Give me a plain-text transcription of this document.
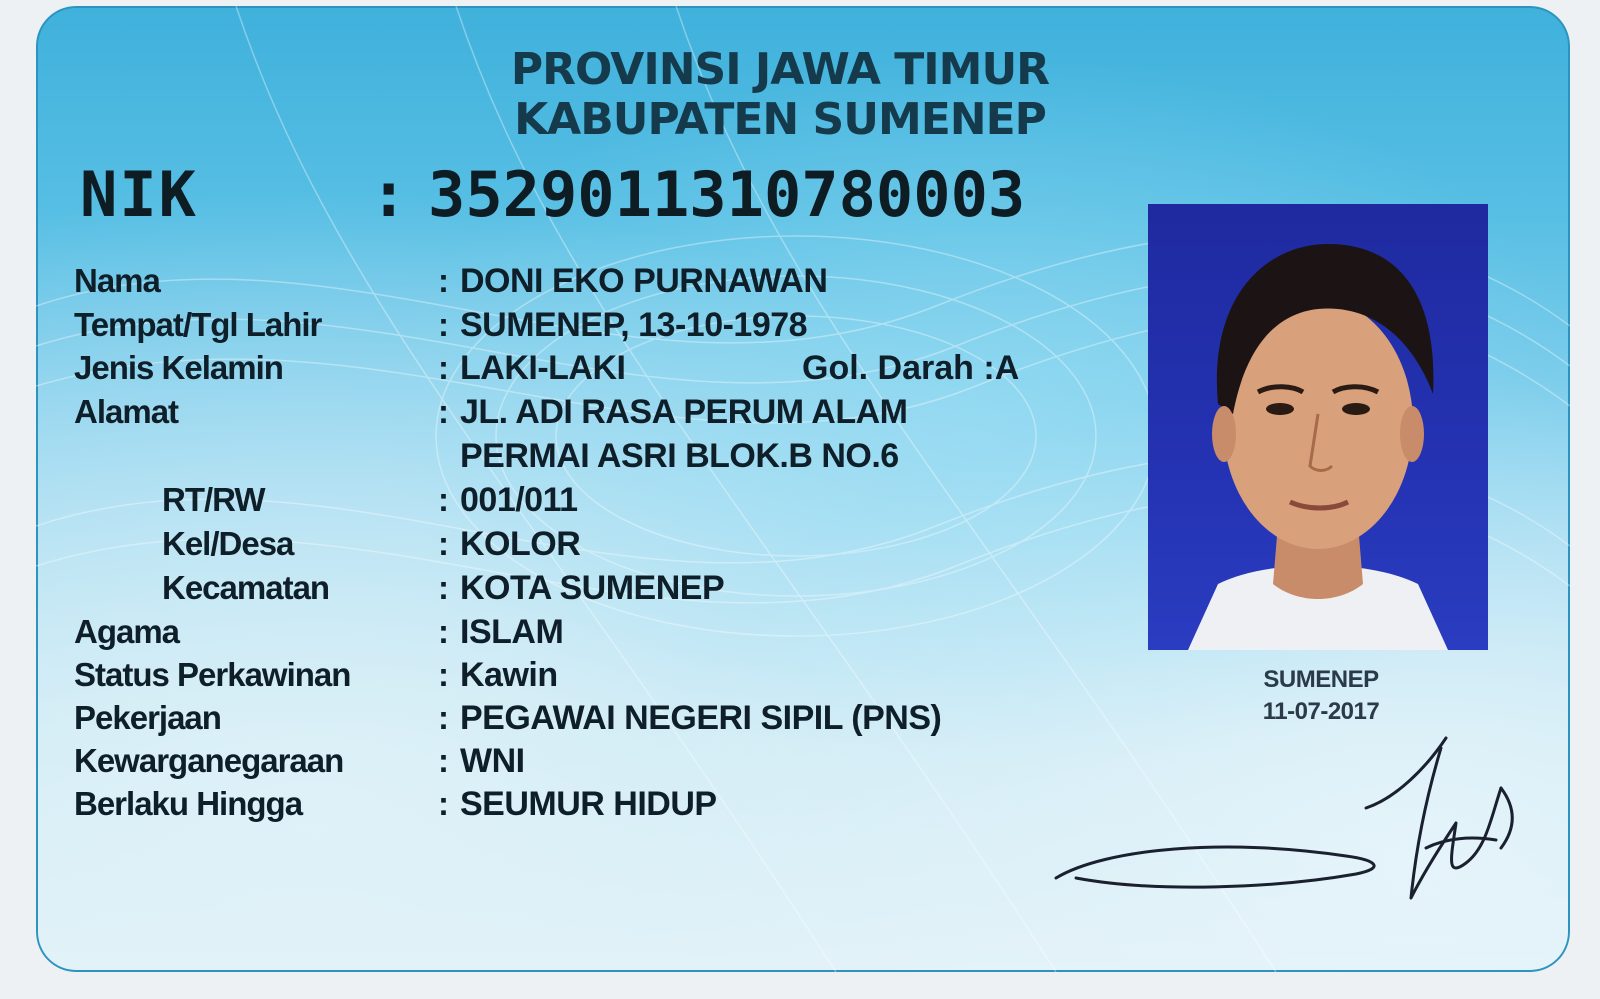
PROVINSI JAWA TIMUR
KABUPATEN SUMENEP
NIK	: 3529011310780003
Nama	: DONI EKO PURNAWAN
Tempat/Tgl Lahir	: SUMENEP, 13-10-1978
Jenis Kelamin	: LAKI-LAKI	Gol. Darah :A
Alamat	: JL. ADI RASA PERUM ALAM
PERMAI ASRI BLOK.B NO.6
RT/RW	: 001/011
Kel/Desa	: KOLOR
Kecamatan	: KOTA SUMENEP
Agama	: ISLAM
Status Perkawinan	: Kawin
Pekerjaan	: PEGAWAI NEGERI SIPIL (PNS)
Kewarganegaraan	: WNI
Berlaku Hingga	: SEUMUR HIDUP
SUMENEP
11-07-2017
